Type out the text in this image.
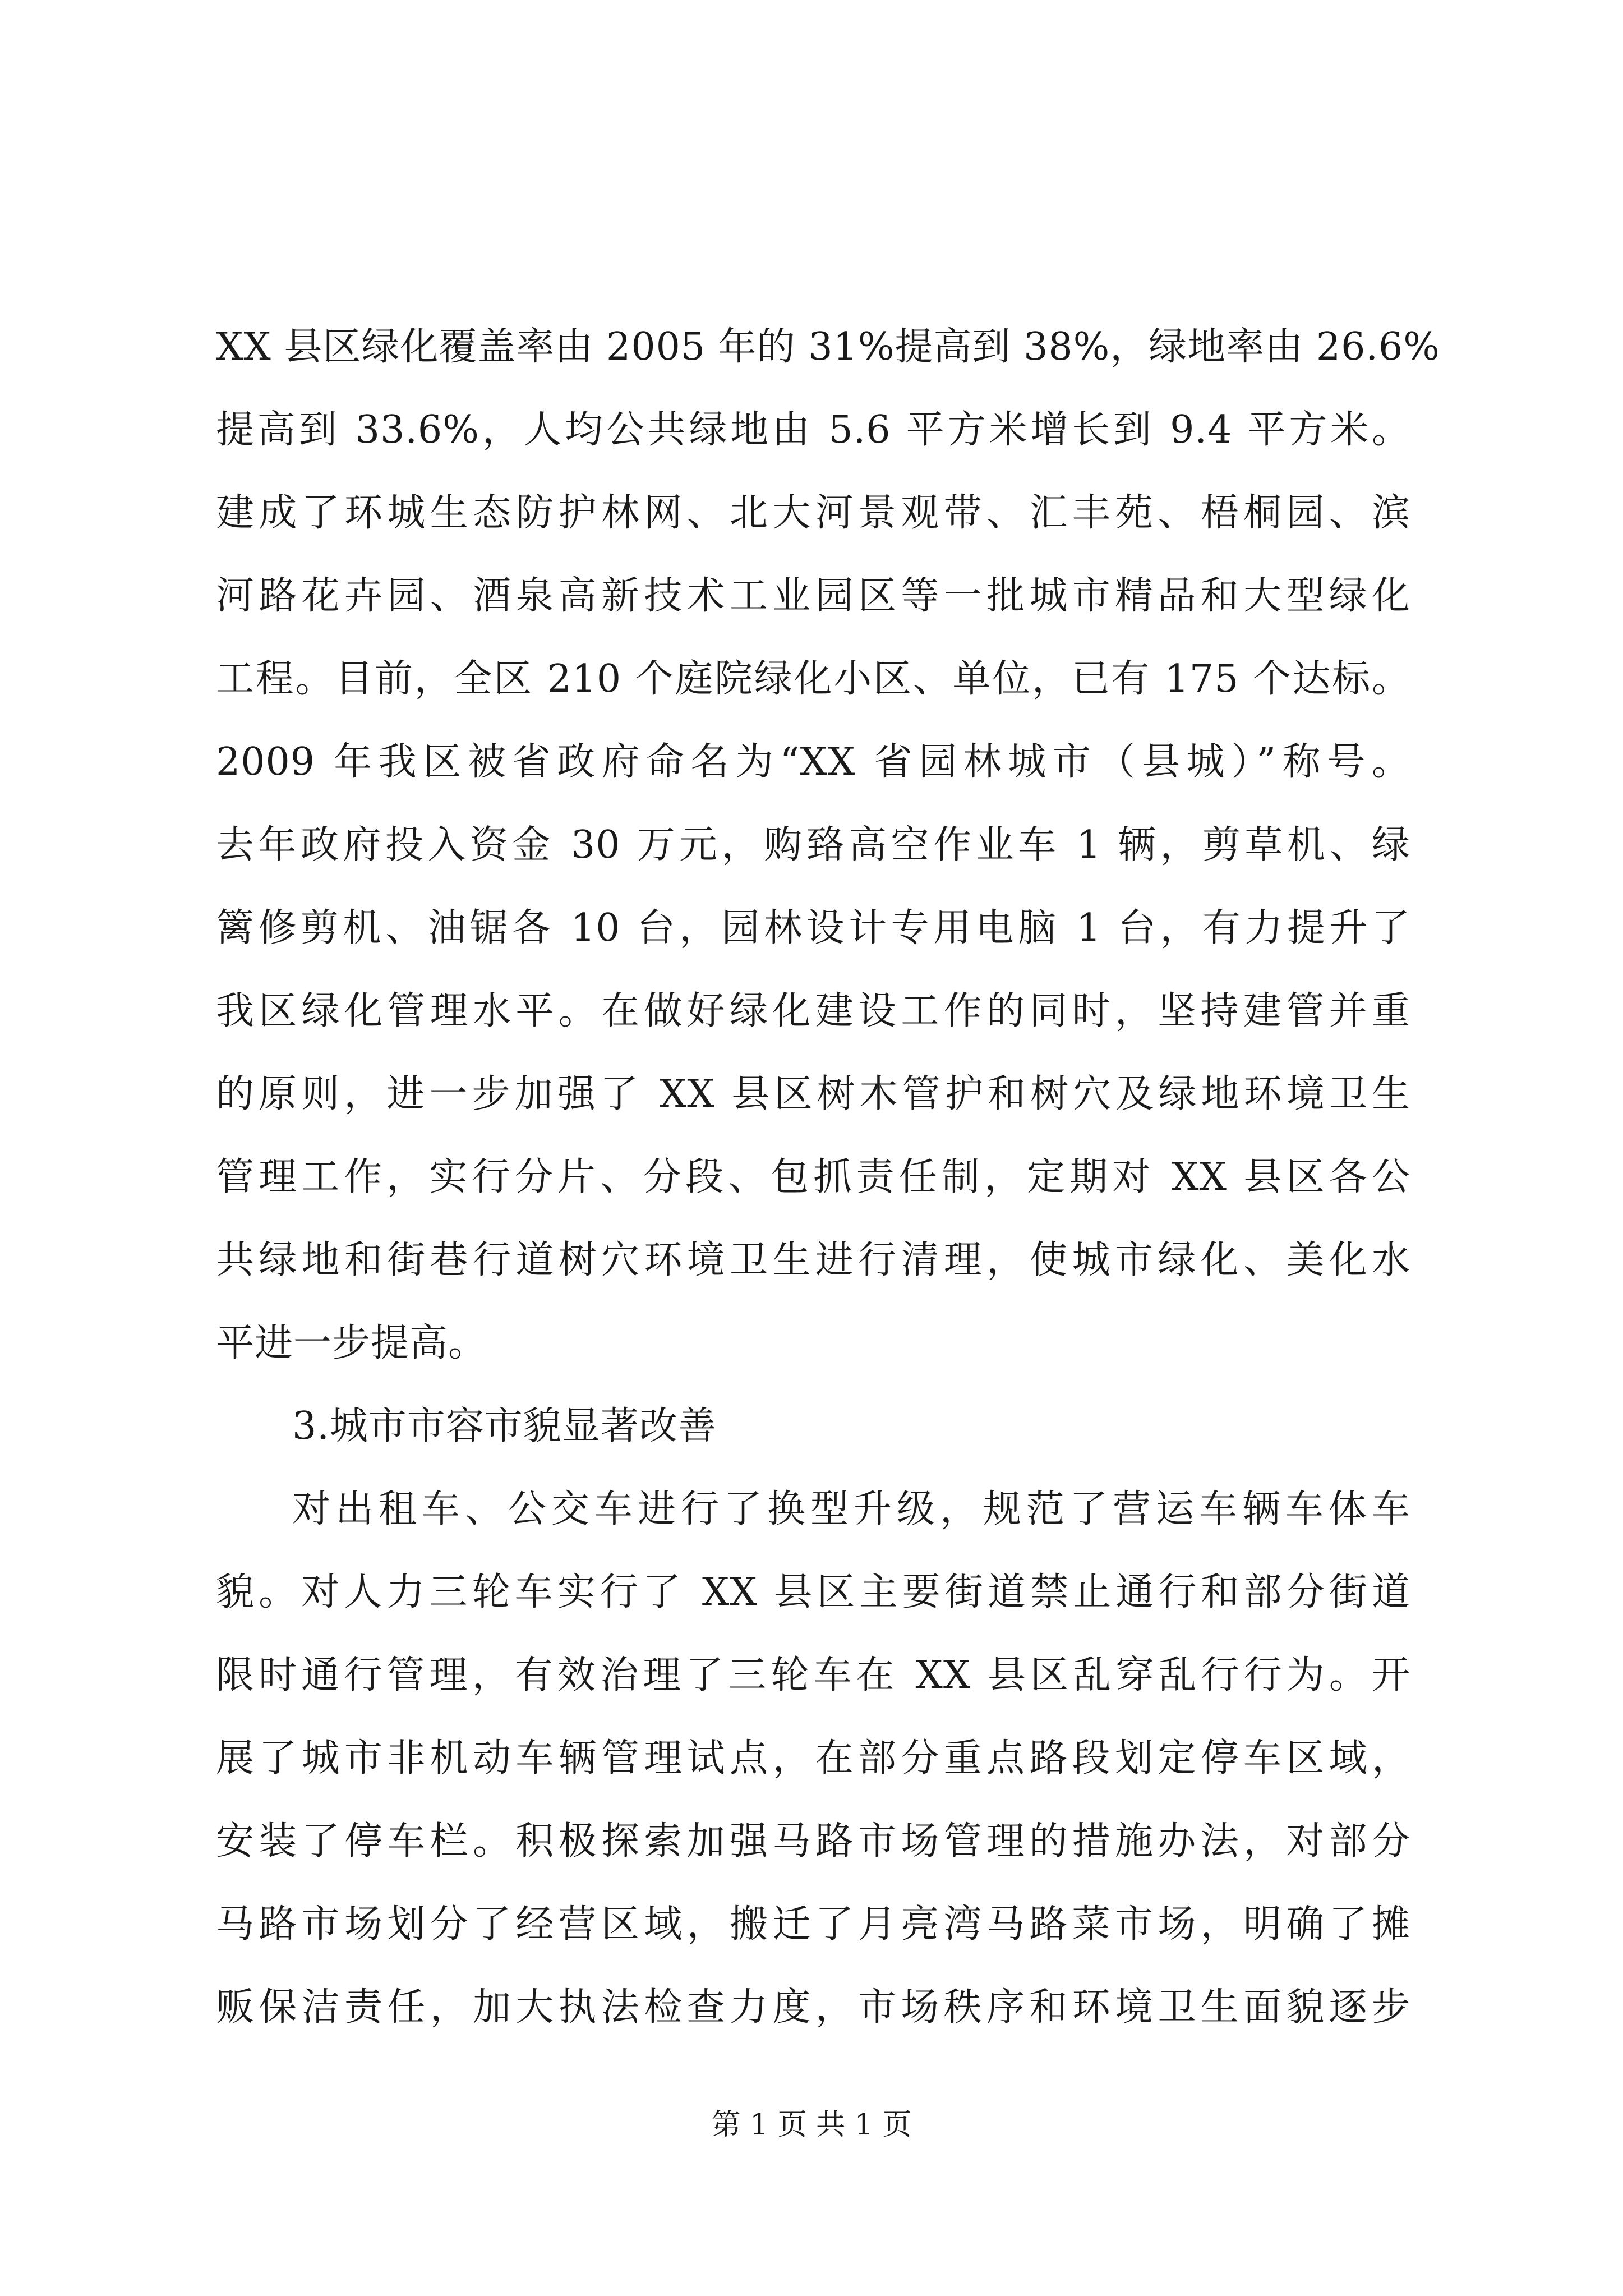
XX 县区绿化覆盖率由 2005 年的 31%提高到 38%，绿地率由 26.6%
提高到 33.6%，人均公共绿地由 5.6 平方米增长到 9.4 平方米。
建成了环城生态防护林网、北大河景观带、汇丰苑、梧桐园、滨
河路花卉园、酒泉高新技术工业园区等一批城市精品和大型绿化
工程。目前，全区 210 个庭院绿化小区、单位，已有 175 个达标。
2009 年我区被省政府命名为“XX 省园林城市（县城）”称号。
去年政府投入资金 30 万元，购臵高空作业车 1 辆，剪草机、绿
篱修剪机、油锯各 10 台，园林设计专用电脑 1 台，有力提升了
我区绿化管理水平。在做好绿化建设工作的同时，坚持建管并重
的原则，进一步加强了 XX 县区树木管护和树穴及绿地环境卫生
管理工作，实行分片、分段、包抓责任制，定期对 XX 县区各公
共绿地和街巷行道树穴环境卫生进行清理，使城市绿化、美化水
平进一步提高。
3.城市市容市貌显著改善
对出租车、公交车进行了换型升级，规范了营运车辆车体车
貌。对人力三轮车实行了 XX 县区主要街道禁止通行和部分街道
限时通行管理，有效治理了三轮车在 XX 县区乱穿乱行行为。开
展了城市非机动车辆管理试点，在部分重点路段划定停车区域，
安装了停车栏。积极探索加强马路市场管理的措施办法，对部分
马路市场划分了经营区域，搬迁了月亮湾马路菜市场，明确了摊
贩保洁责任，加大执法检查力度，市场秩序和环境卫生面貌逐步
第 1 页 共 1 页
